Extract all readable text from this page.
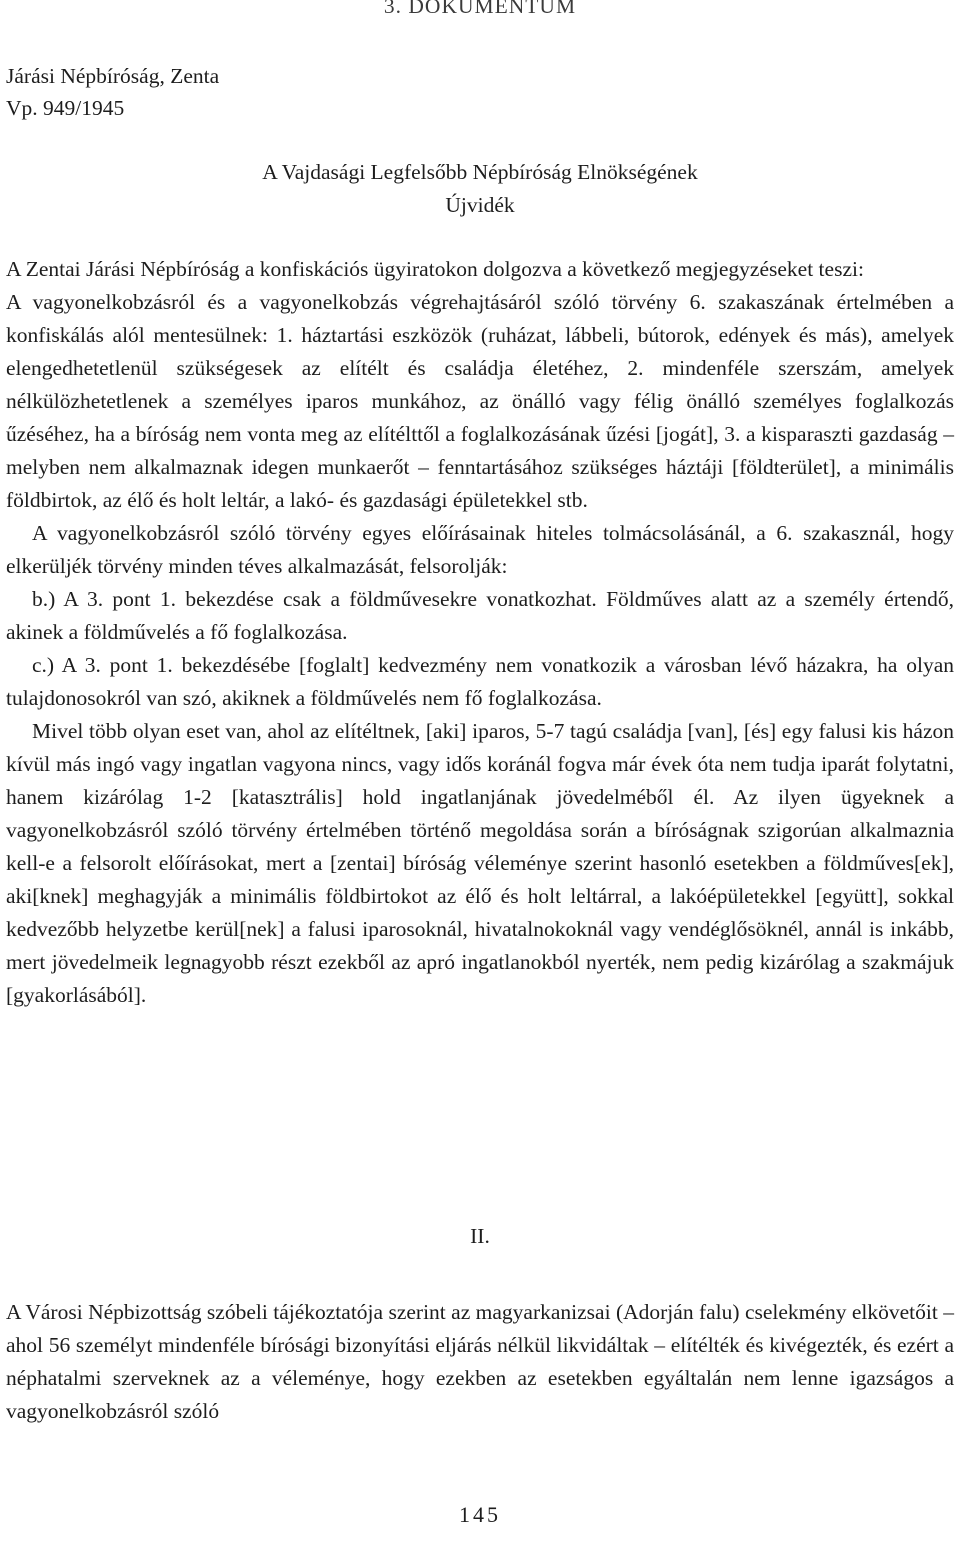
3. DOKUMENTUM
Járási Népbíróság, Zenta
Vp. 949/1945
A Vajdasági Legfelsőbb Népbíróság Elnökségének
Újvidék

A Zentai Járási Népbíróság a konfiskációs ügyiratokon dolgozva a következő megjegyzéseket teszi:

A vagyonelkobzásról és a vagyonelkobzás végrehajtásáról szóló törvény 6. szakaszának értelmében a konfiskálás alól mentesülnek: 1. háztartási eszközök (ruházat, lábbeli, bútorok, edények és más), amelyek elengedhetetlenül szükségesek az elítélt és családja életéhez, 2. mindenféle szerszám, amelyek nélkülözhetetlenek a személyes iparos munkához, az önálló vagy félig önálló személyes foglalkozás űzéséhez, ha a bíróság nem vonta meg az elítélttől a foglalkozásának űzési [jogát], 3. a kisparaszti gazdaság – melyben nem alkalmaznak idegen munkaerőt – fenntartásához szükséges háztáji [földterület], a minimális földbirtok, az élő és holt leltár, a lakó- és gazdasági épületekkel stb.

A vagyonelkobzásról szóló törvény egyes előírásainak hiteles tolmácsolásánál, a 6. szakasznál, hogy elkerüljék törvény minden téves alkalmazását, felsorolják:

b.) A 3. pont 1. bekezdése csak a földművesekre vonatkozhat. Földműves alatt az a személy értendő, akinek a földművelés a fő foglalkozása.

c.) A 3. pont 1. bekezdésébe [foglalt] kedvezmény nem vonatkozik a városban lévő házakra, ha olyan tulajdonosokról van szó, akiknek a földművelés nem fő foglalkozása.

Mivel több olyan eset van, ahol az elítéltnek, [aki] iparos, 5-7 tagú családja [van], [és] egy falusi kis házon kívül más ingó vagy ingatlan vagyona nincs, vagy idős koránál fogva már évek óta nem tudja iparát folytatni, hanem kizárólag 1-2 [katasztrális] hold ingatlanjának jövedelméből él. Az ilyen ügyeknek a vagyonelkobzásról szóló törvény értelmében történő megoldása során a bíróságnak szigorúan alkalmaznia kell-e a felsorolt előírásokat, mert a [zentai] bíróság véleménye szerint hasonló esetekben a földműves[ek], aki[knek] meghagyják a minimális földbirtokot az élő és holt leltárral, a lakóépületekkel [együtt], sokkal kedvezőbb helyzetbe kerül[nek] a falusi iparosoknál, hivatalnokoknál vagy vendéglősöknél, annál is inkább, mert jövedelmeik legnagyobb részt ezekből az apró ingatlanokból nyerték, nem pedig kizárólag a szakmájuk [gyakorlásából].

II.

A Városi Népbizottság szóbeli tájékoztatója szerint az magyarkanizsai (Adorján falu) cselekmény elkövetőit – ahol 56 személyt mindenféle bírósági bizonyítási eljárás nélkül likvidáltak – elítélték és kivégezték, és ezért a néphatalmi szerveknek az a véleménye, hogy ezekben az esetekben egyáltalán nem lenne igazságos a vagyonelkobzásról szóló

145
